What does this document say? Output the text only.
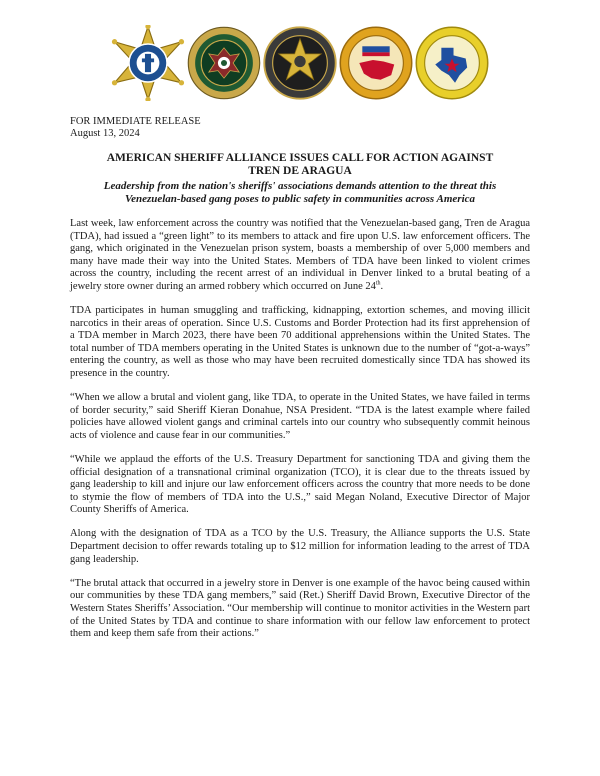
FOR IMMEDIATE RELEASE
August 13, 2024
AMERICAN SHERIFF ALLIANCE ISSUES CALL FOR ACTION AGAINST
TREN DE ARAGUA
Leadership from the nation's sheriffs' associations demands attention to the threat this
Venezuelan-based gang poses to public safety in communities across America

Last week, law enforcement across the country was notified that the Venezuelan-based gang, Tren de Aragua (TDA), had issued a “green light” to its members to attack and fire upon U.S. law enforcement officers. The gang, which originated in the Venezuelan prison system, boasts a membership of over 5,000 members and many have made their way into the United States. Members of TDA have been linked to violent crimes across the country, including the recent arrest of an individual in Denver linked to a brutal beating of a jewelry store owner during an armed robbery which occurred on June 24th.

TDA participates in human smuggling and trafficking, kidnapping, extortion schemes, and moving illicit narcotics in their areas of operation. Since U.S. Customs and Border Protection had its first apprehension of a TDA member in March 2023, there have been 70 additional apprehensions within the United States. The total number of TDA members operating in the United States is unknown due to the number of “got-a-ways” entering the country, as well as those who may have been recruited domestically since TDA has showed its presence in the country.

“When we allow a brutal and violent gang, like TDA, to operate in the United States, we have failed in terms of border security,” said Sheriff Kieran Donahue, NSA President. “TDA is the latest example where failed policies have allowed violent gangs and criminal cartels into our country who subsequently commit heinous acts of violence and cause fear in our communities.”

“While we applaud the efforts of the U.S. Treasury Department for sanctioning TDA and giving them the official designation of a transnational criminal organization (TCO), it is clear due to the threats issued by gang leadership to kill and injure our law enforcement officers across the country that more needs to be done to stymie the flow of members of TDA into the U.S.,” said Megan Noland, Executive Director of Major County Sheriffs of America.

Along with the designation of TDA as a TCO by the U.S. Treasury, the Alliance supports the U.S. State Department decision to offer rewards totaling up to $12 million for information leading to the arrest of TDA gang leadership.

“The brutal attack that occurred in a jewelry store in Denver is one example of the havoc being caused within our communities by these TDA gang members,” said (Ret.) Sheriff David Brown, Executive Director of the Western States Sheriffs’ Association. “Our membership will continue to monitor activities in the Western part of the United States by TDA and continue to share information with our fellow law enforcement to protect them and keep them safe from their actions.”
